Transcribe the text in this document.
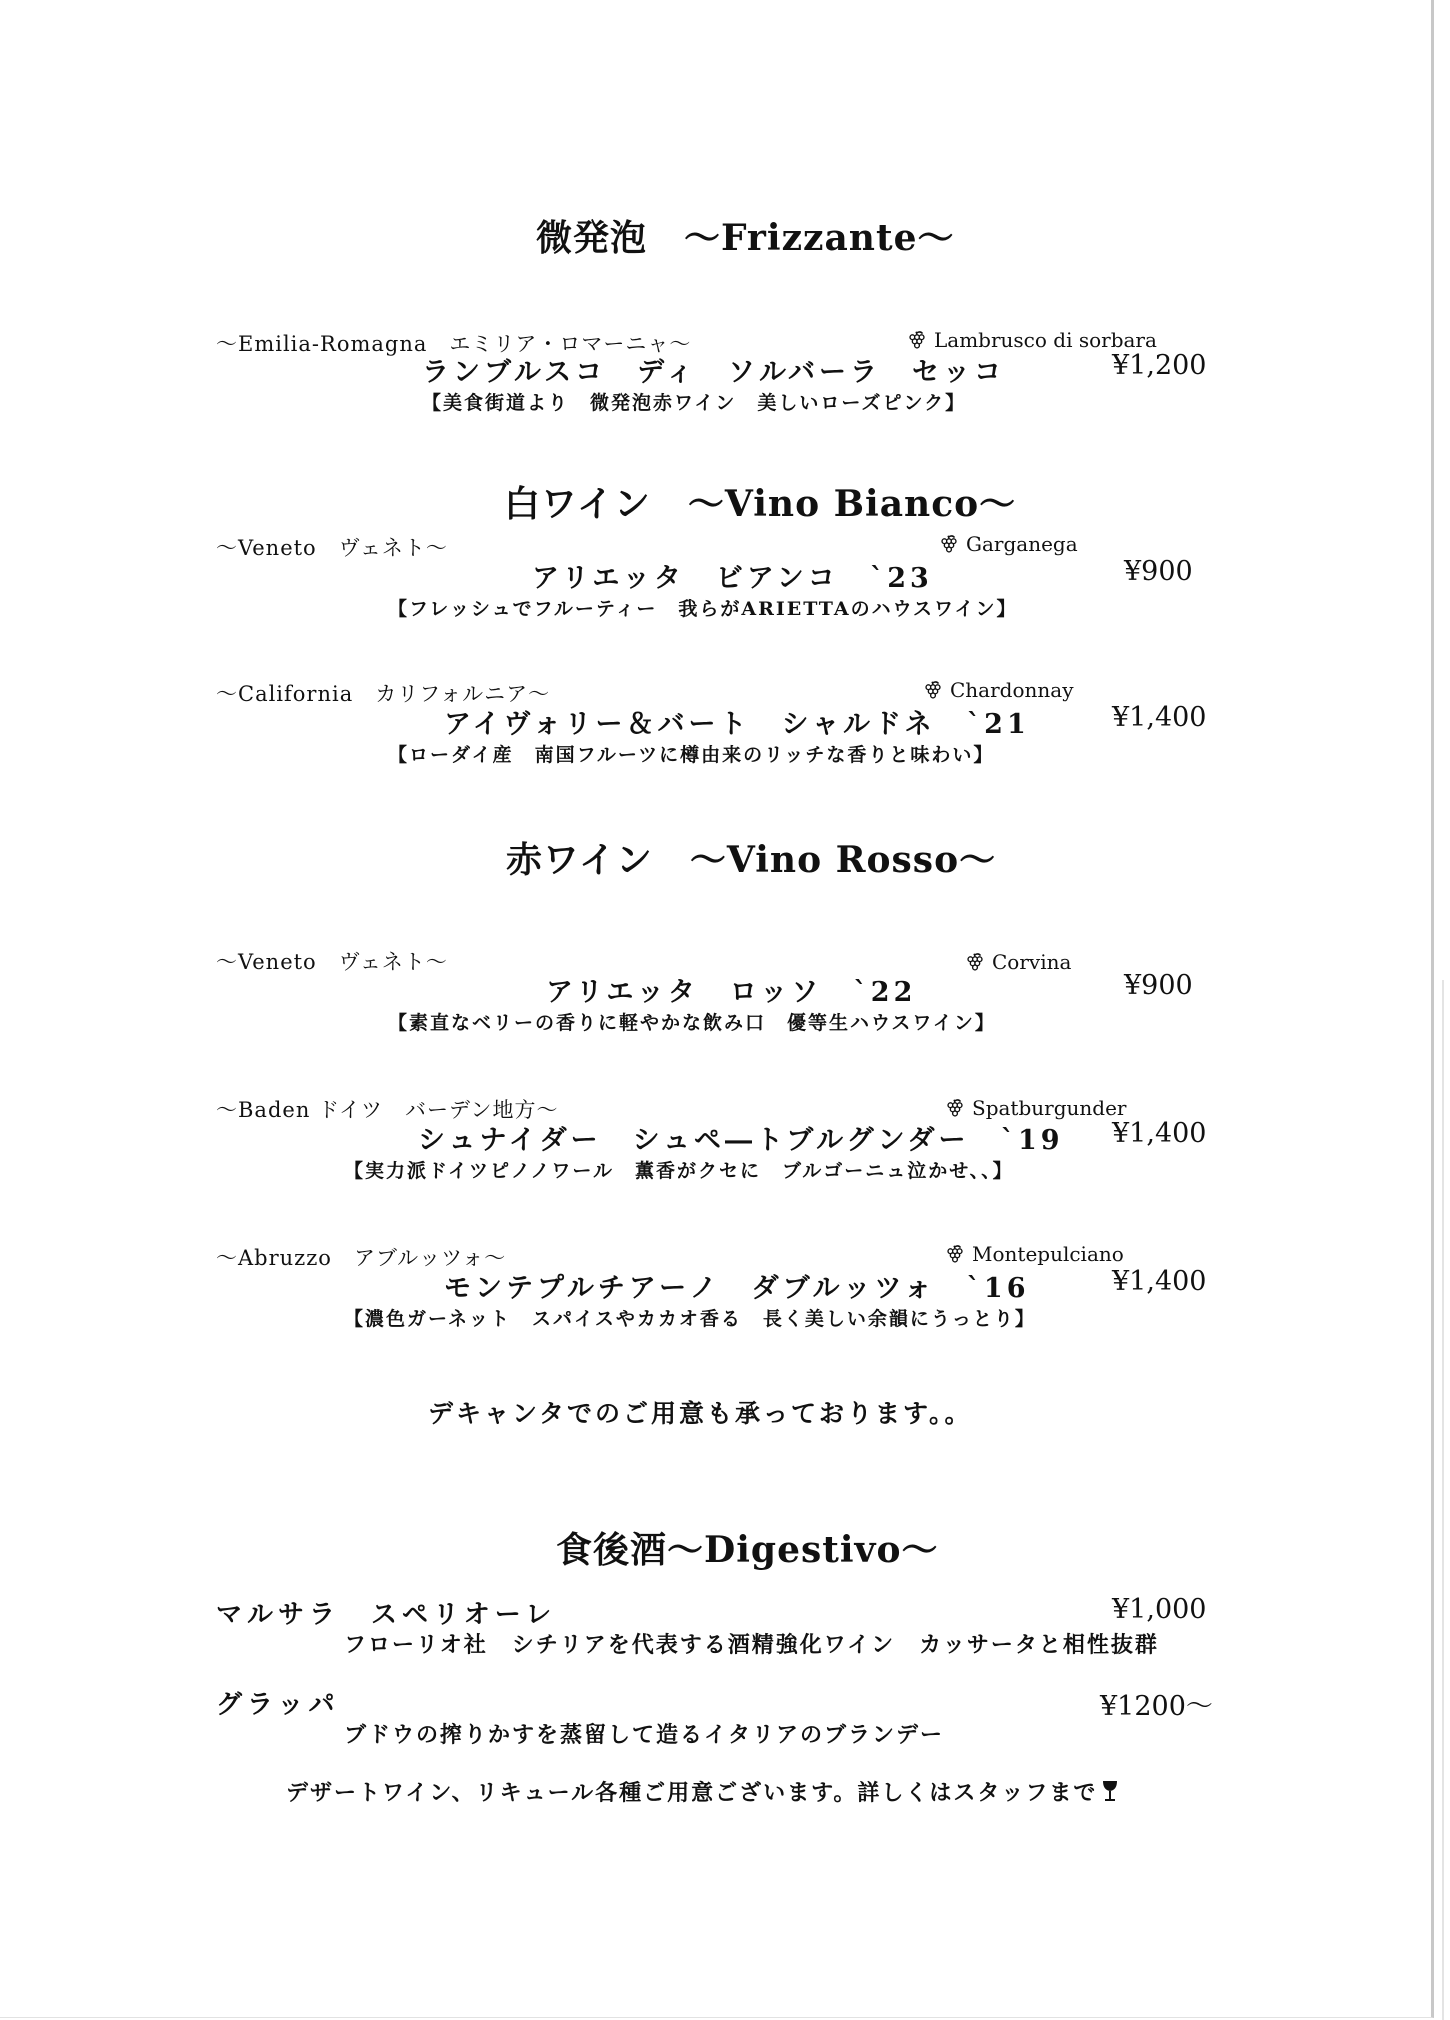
微発泡　～Frizzante～
～Emilia-Romagna　エミリア・ロマーニャ～	Lambrusco di sorbara
ランブルスコ　ディ　ソルバーラ　セッコ	¥1,200
【美食街道より　微発泡赤ワイン　美しいローズピンク】
白ワイン　～Vino Bianco～
～Veneto　ヴェネト～	Garganega
アリエッタ　ビアンコ　`23	¥900
【フレッシュでフルーティー　我らがARIETTAのハウスワイン】
～California　カリフォルニア～	Chardonnay
アイヴォリー＆バート　シャルドネ　`21	¥1,400
【ローダイ産　南国フルーツに樽由来のリッチな香りと味わい】
赤ワイン　～Vino Rosso～
～Veneto　ヴェネト～	Corvina
アリエッタ　ロッソ　`22	¥900
【素直なベリーの香りに軽やかな飲み口　優等生ハウスワイン】
～Baden ドイツ　バーデン地方～	Spatburgunder
シュナイダー　シュペ―トブルグンダー　`19 ¥1,400
【実力派ドイツピノノワール　薫香がクセに　ブルゴーニュ泣かせ、、】
～Abruzzo　アブルッツォ～	Montepulciano
モンテプルチアーノ　ダブルッツォ　`16	¥1,400
【濃色ガーネット　スパイスやカカオ香る　長く美しい余韻にうっとり】
デキャンタでのご用意も承っております。。
食後酒～Digestivo～
マルサラ　スペリオーレ	¥1,000
フローリオ社　シチリアを代表する酒精強化ワイン　カッサータと相性抜群
グラッパ	¥1200～
ブドウの搾りかすを蒸留して造るイタリアのブランデー
デザートワイン、リキュール各種ご用意ございます。詳しくはスタッフまで
